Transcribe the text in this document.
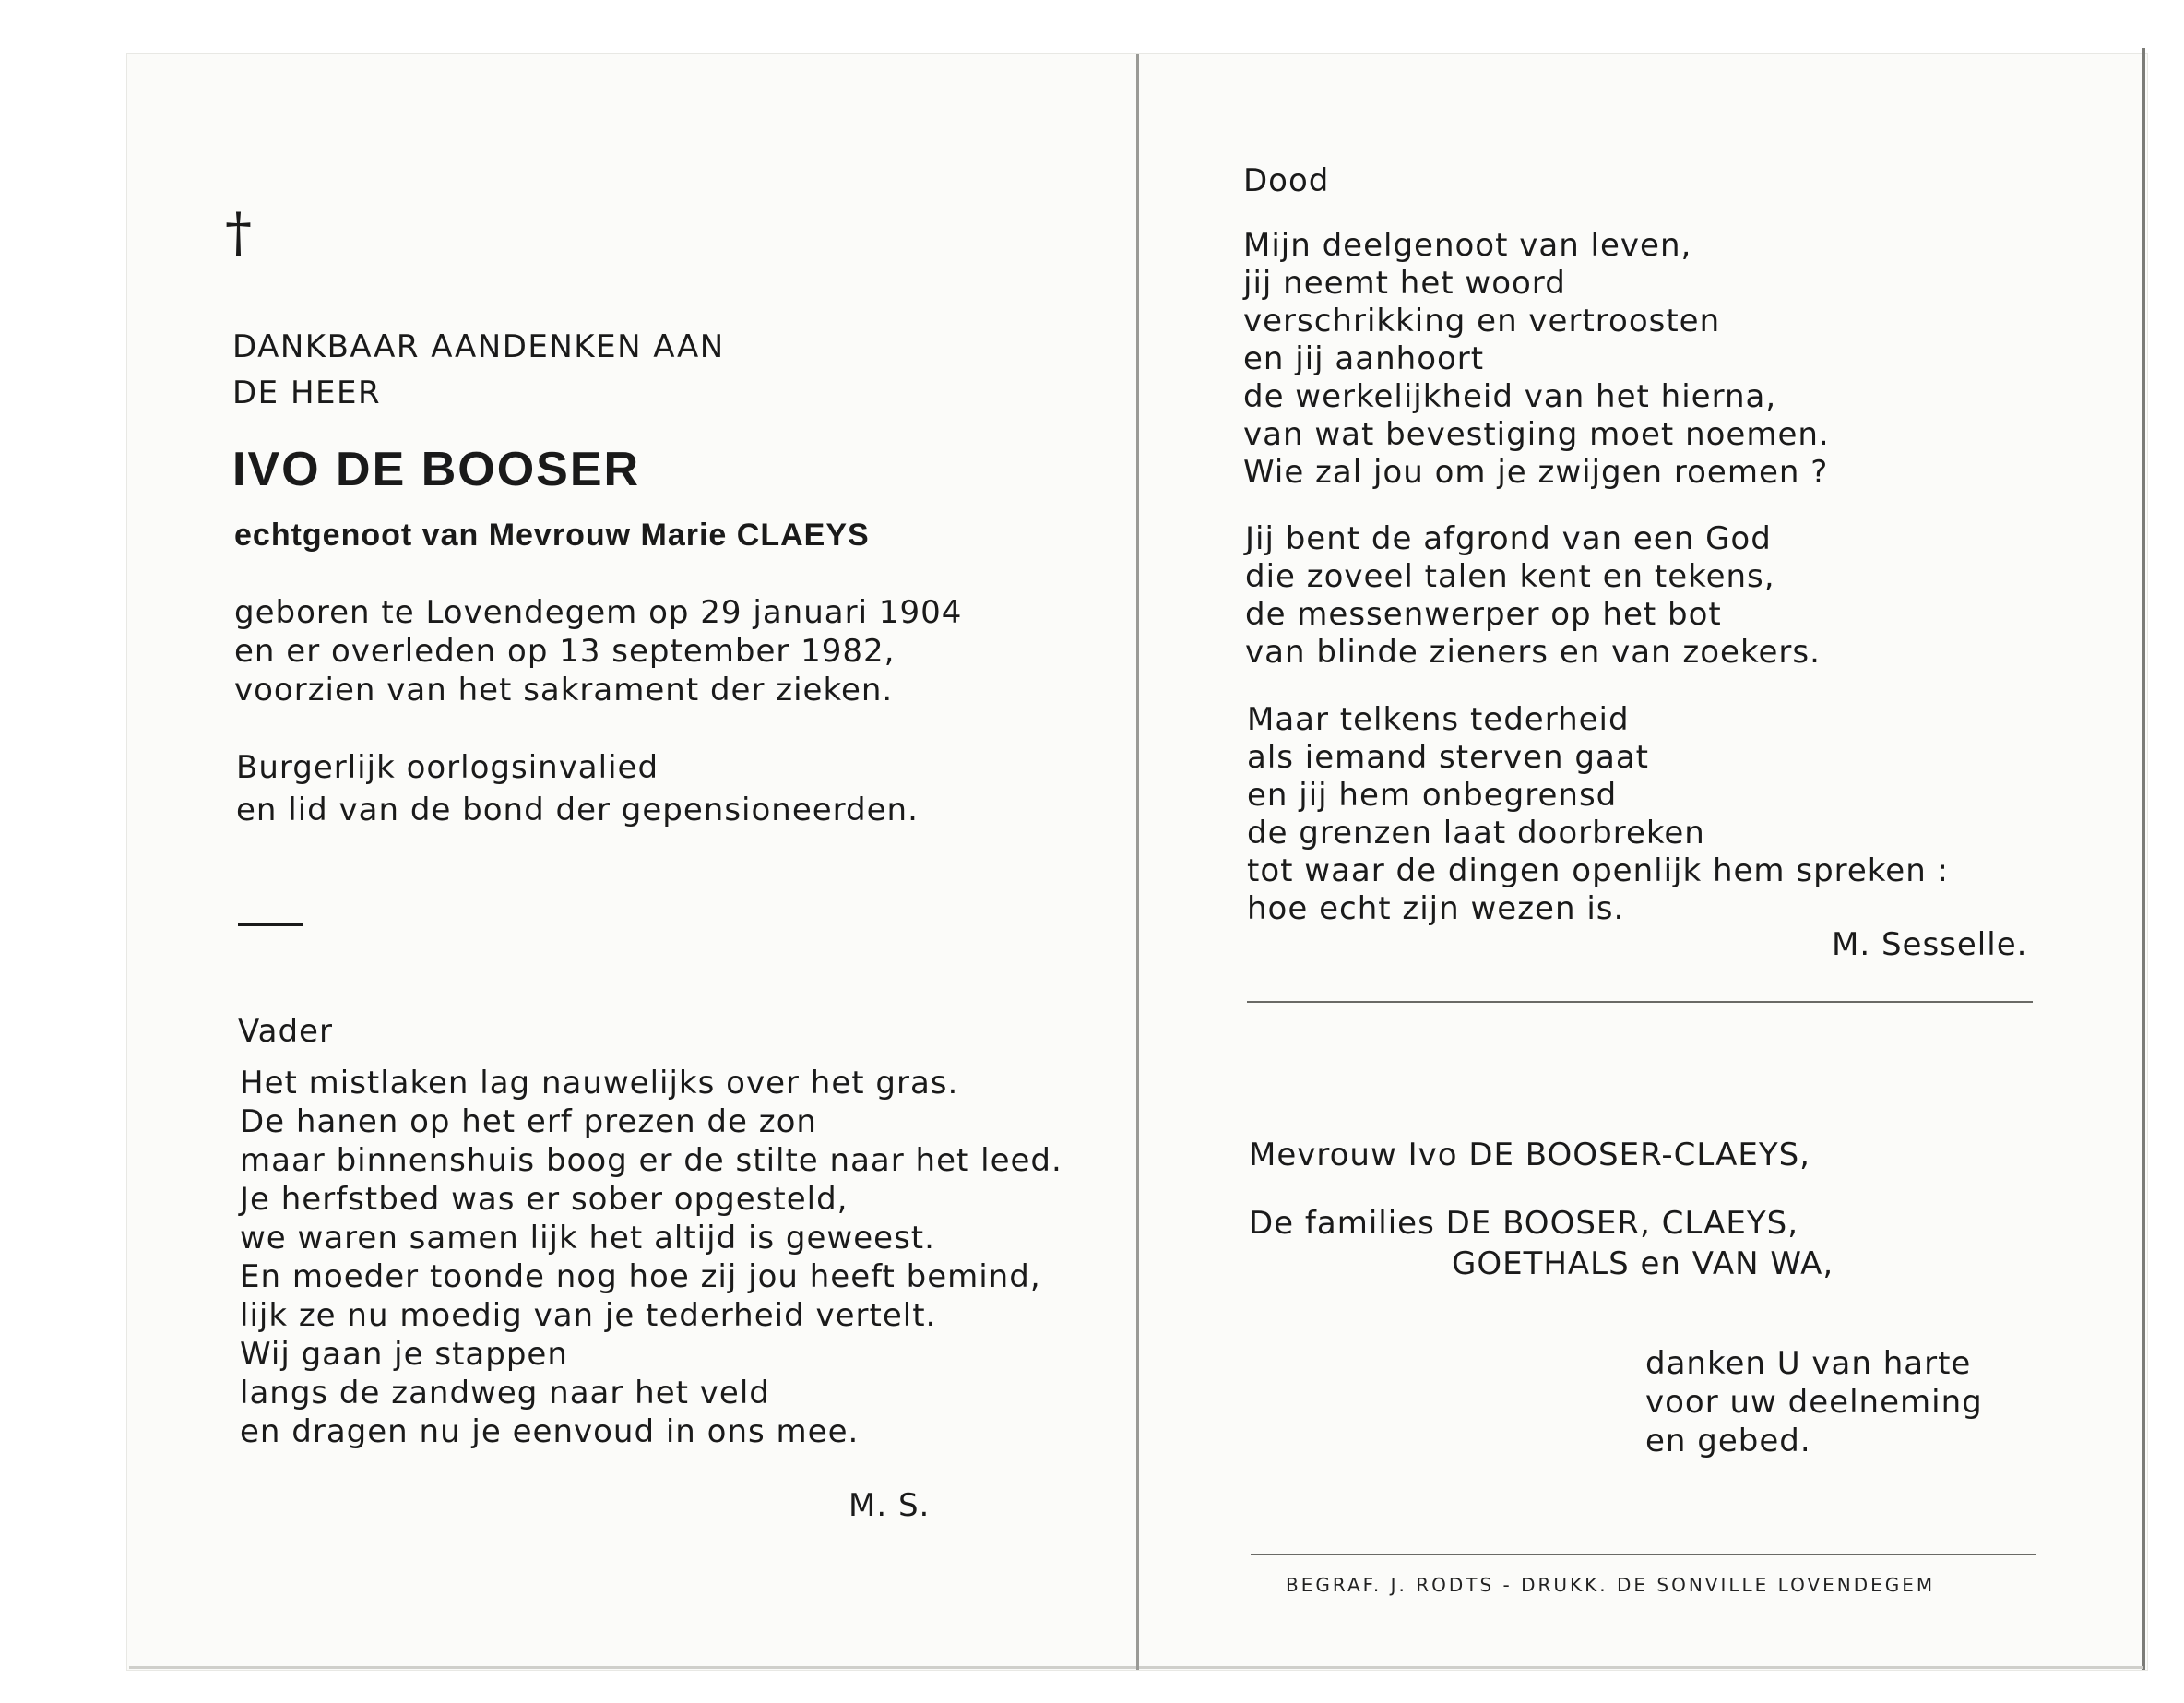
†

DANKBAAR AANDENKEN AAN

DE HEER

IVO DE BOOSER

echtgenoot van Mevrouw Marie CLAEYS

geboren te Lovendegem op 29 januari 1904

en er overleden op 13 september 1982,

voorzien van het sakrament der zieken.

Burgerlijk oorlogsinvalied

en lid van de bond der gepensioneerden.

Vader

Het mistlaken lag nauwelijks over het gras.

De hanen op het erf prezen de zon

maar binnenshuis boog er de stilte naar het leed.

Je herfstbed was er sober opgesteld,

we waren samen lijk het altijd is geweest.

En moeder toonde nog hoe zij jou heeft bemind,

lijk ze nu moedig van je tederheid vertelt.

Wij gaan je stappen

langs de zandweg naar het veld

en dragen nu je eenvoud in ons mee.

M. S.

Dood

Mijn deelgenoot van leven,

jij neemt het woord

verschrikking en vertroosten

en jij aanhoort

de werkelijkheid van het hierna,

van wat bevestiging moet noemen.

Wie zal jou om je zwijgen roemen ?

Jij bent de afgrond van een God

die zoveel talen kent en tekens,

de messenwerper op het bot

van blinde zieners en van zoekers.

Maar telkens tederheid

als iemand sterven gaat

en jij hem onbegrensd

de grenzen laat doorbreken

tot waar de dingen openlijk hem spreken :

hoe echt zijn wezen is.

M. Sesselle.

Mevrouw Ivo DE BOOSER-CLAEYS,

De families DE BOOSER, CLAEYS,

GOETHALS en VAN WA,

danken U van harte

voor uw deelneming

en gebed.

BEGRAF. J. RODTS - DRUKK. DE SONVILLE LOVENDEGEM
